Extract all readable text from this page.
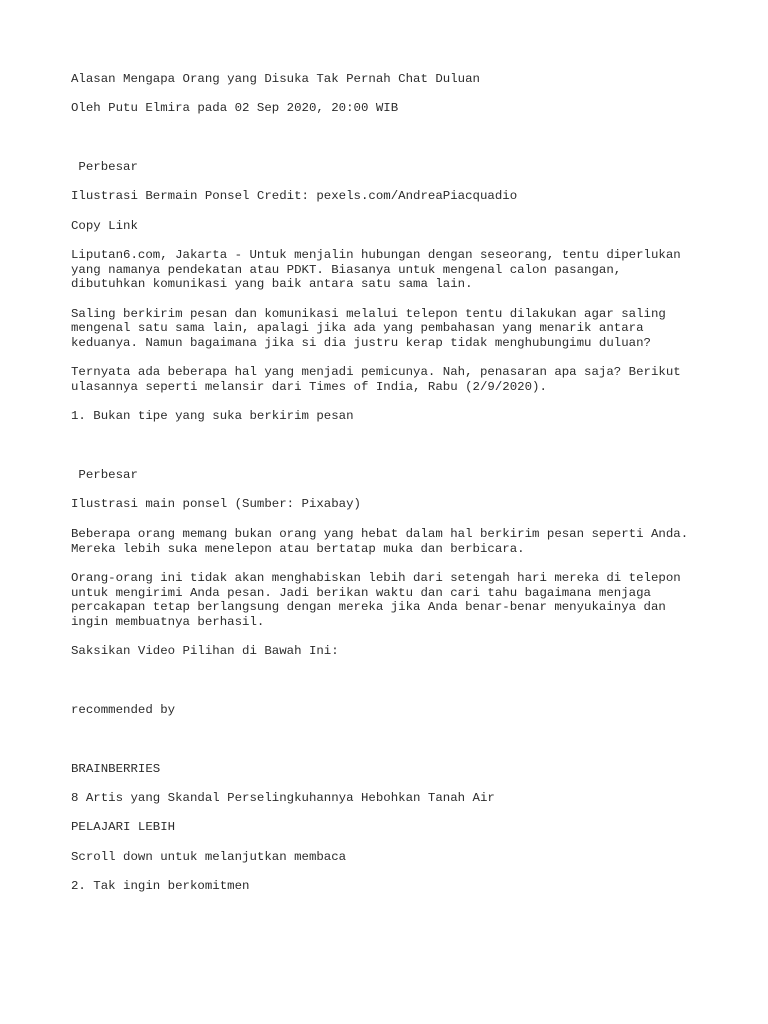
Alasan Mengapa Orang yang Disuka Tak Pernah Chat Duluan
Oleh Putu Elmira pada 02 Sep 2020, 20:00 WIB
Perbesar
Ilustrasi Bermain Ponsel Credit: pexels.com/AndreaPiacquadio
Copy Link
Liputan6.com, Jakarta - Untuk menjalin hubungan dengan seseorang, tentu diperlukan
yang namanya pendekatan atau PDKT. Biasanya untuk mengenal calon pasangan,
dibutuhkan komunikasi yang baik antara satu sama lain.
Saling berkirim pesan dan komunikasi melalui telepon tentu dilakukan agar saling
mengenal satu sama lain, apalagi jika ada yang pembahasan yang menarik antara
keduanya. Namun bagaimana jika si dia justru kerap tidak menghubungimu duluan?
Ternyata ada beberapa hal yang menjadi pemicunya. Nah, penasaran apa saja? Berikut
ulasannya seperti melansir dari Times of India, Rabu (2/9/2020).
1. Bukan tipe yang suka berkirim pesan
Perbesar
Ilustrasi main ponsel (Sumber: Pixabay)
Beberapa orang memang bukan orang yang hebat dalam hal berkirim pesan seperti Anda.
Mereka lebih suka menelepon atau bertatap muka dan berbicara.
Orang-orang ini tidak akan menghabiskan lebih dari setengah hari mereka di telepon
untuk mengirimi Anda pesan. Jadi berikan waktu dan cari tahu bagaimana menjaga
percakapan tetap berlangsung dengan mereka jika Anda benar-benar menyukainya dan
ingin membuatnya berhasil.
Saksikan Video Pilihan di Bawah Ini:
recommended by￼￼
BRAINBERRIES
8 Artis yang Skandal Perselingkuhannya Hebohkan Tanah Air
PELAJARI LEBIH
Scroll down untuk melanjutkan membaca
2. Tak ingin berkomitmen
